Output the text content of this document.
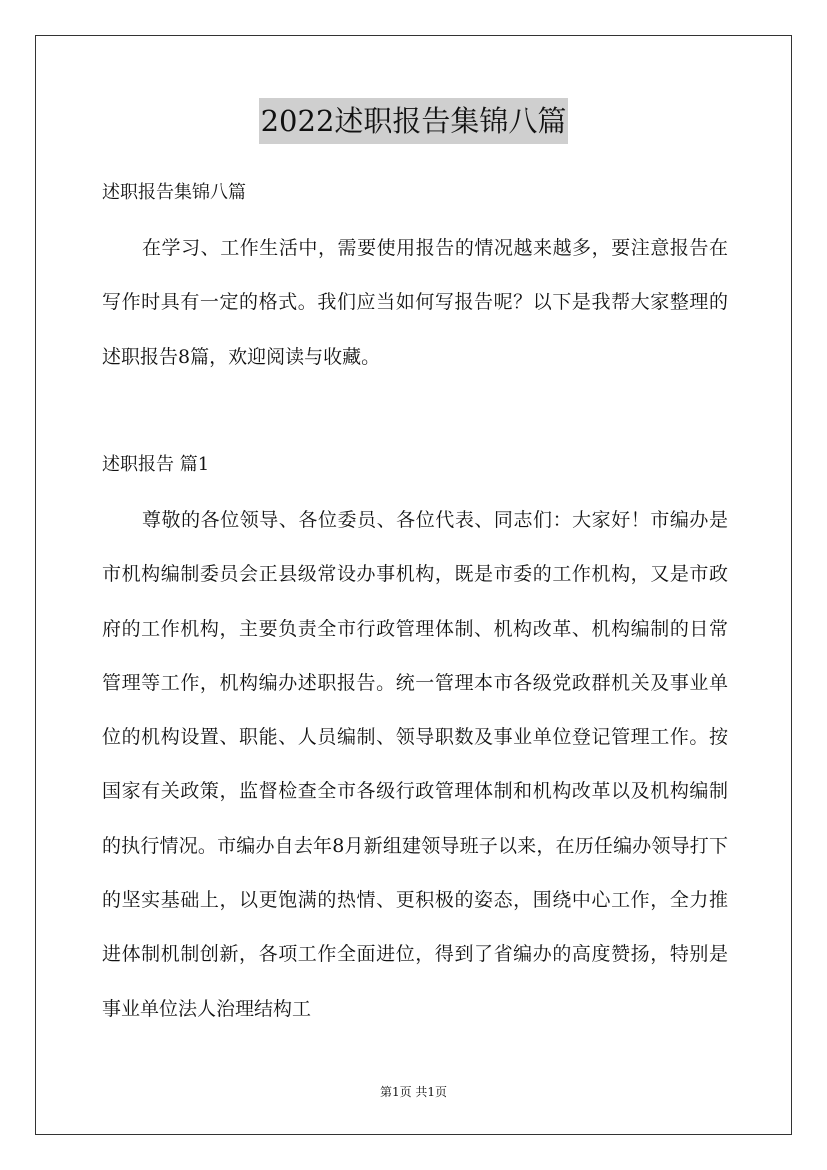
2022述职报告集锦八篇
述职报告集锦八篇

在学习、工作生活中，需要使用报告的情况越来越多，要注意报告在写作时具有一定的格式。我们应当如何写报告呢？以下是我帮大家整理的述职报告8篇，欢迎阅读与收藏。

述职报告 篇1

尊敬的各位领导、各位委员、各位代表、同志们：大家好！市编办是市机构编制委员会正县级常设办事机构，既是市委的工作机构，又是市政府的工作机构，主要负责全市行政管理体制、机构改革、机构编制的日常管理等工作，机构编办述职报告。统一管理本市各级党政群机关及事业单位的机构设置、职能、人员编制、领导职数及事业单位登记管理工作。按国家有关政策，监督检查全市各级行政管理体制和机构改革以及机构编制的执行情况。市编办自去年8月新组建领导班子以来，在历任编办领导打下的坚实基础上，以更饱满的热情、更积极的姿态，围绕中心工作，全力推进体制机制创新，各项工作全面进位，得到了省编办的高度赞扬，特别是事业单位法人治理结构工

第1页 共1页
